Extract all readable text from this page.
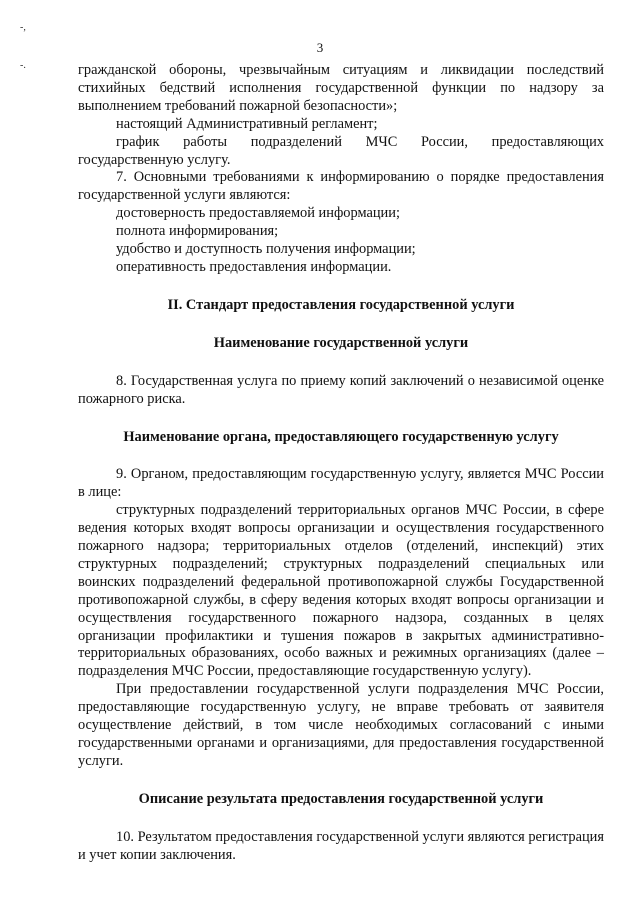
3
-,
-.	гражданской обороны, чрезвычайным ситуациям и ликвидации последствий стихийных бедствий исполнения государственной функции по надзору за выполнением требований пожарной безопасности»;

настоящий Административный регламент;

график работы подразделений МЧС России, предоставляющих государственную услугу.

7. Основными требованиями к информированию о порядке предоставления государственной услуги являются:

достоверность предоставляемой информации;

полнота информирования;

удобство и доступность получения информации;

оперативность предоставления информации.

II. Стандарт предоставления государственной услуги
Наименование государственной услуги

8. Государственная услуга по приему копий заключений о независимой оценке пожарного риска.

Наименование органа, предоставляющего государственную услугу

9. Органом, предоставляющим государственную услугу, является МЧС России в лице:

структурных подразделений территориальных органов МЧС России, в сфере ведения которых входят вопросы организации и осуществления государственного пожарного надзора; территориальных отделов (отделений, инспекций) этих структурных подразделений; структурных подразделений специальных или воинских подразделений федеральной противопожарной службы Государственной противопожарной службы, в сферу ведения которых входят вопросы организации и осуществления государственного пожарного надзора, созданных в целях организации профилактики и тушения пожаров в закрытых административно-территориальных образованиях, особо важных и режимных организациях (далее – подразделения МЧС России, предоставляющие государственную услугу).

При предоставлении государственной услуги подразделения МЧС России, предоставляющие государственную услугу, не вправе требовать от заявителя осуществление действий, в том числе необходимых согласований с иными государственными органами и организациями, для предоставления государственной услуги.

Описание результата предоставления государственной услуги

10. Результатом предоставления государственной услуги являются регистрация и учет копии заключения.
